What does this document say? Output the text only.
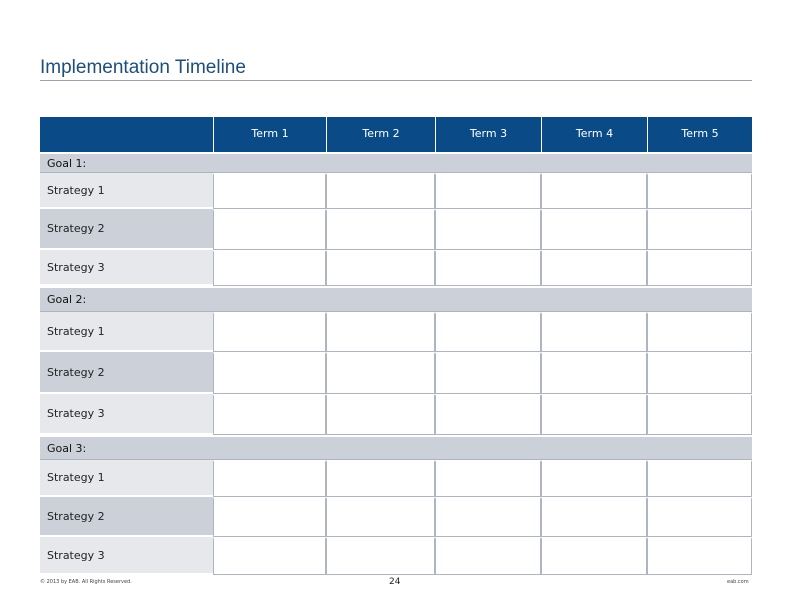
Implementation Timeline
Term 1	Term 2	Term 3	Term 4	Term 5
Goal 1:
Strategy 1
Strategy 2
Strategy 3
Goal 2:
Strategy 1
Strategy 2
Strategy 3
Goal 3:
Strategy 1
Strategy 2
Strategy 3
© 2013 by EAB. All Rights Reserved.	24	eab.com
